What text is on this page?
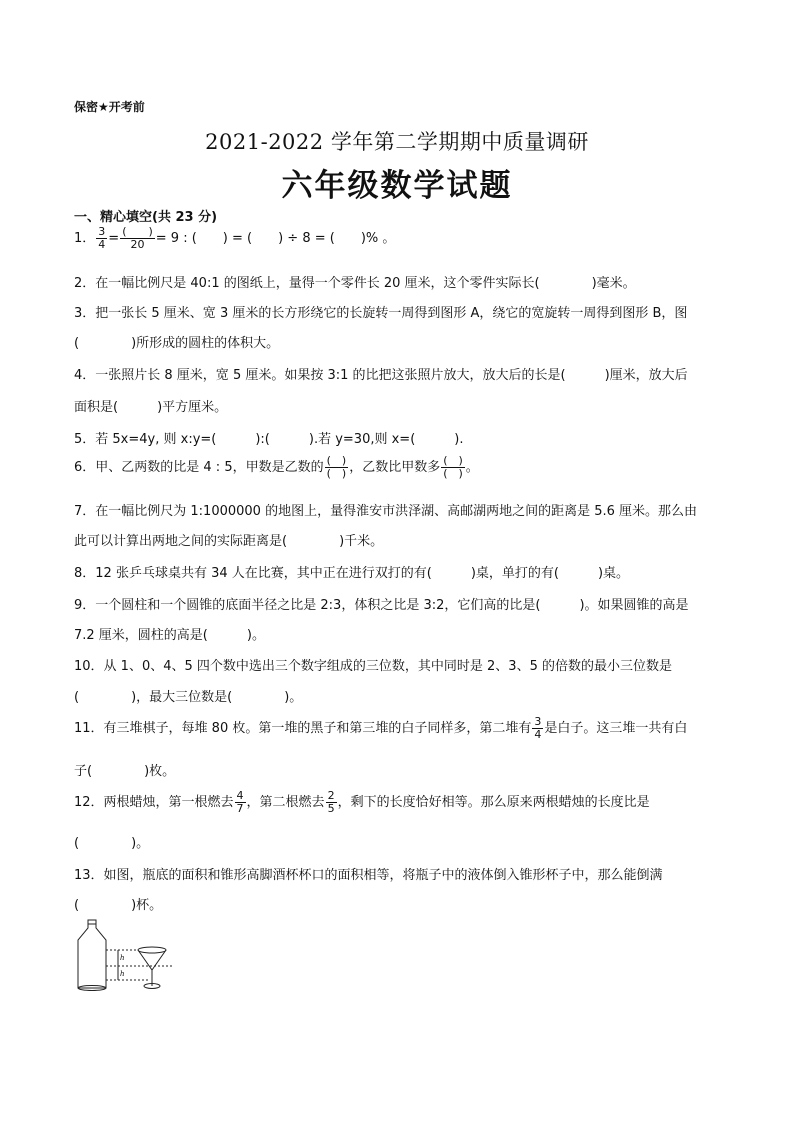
保密★开考前
2021-2022 学年第二学期期中质量调研
六年级数学试题
一、精心填空(共 23 分)
1． $\frac{3}{4} = \frac{( )}{20} = 9$ : (　　) = (　　) ÷ 8 = (　　)% 。
2．在一幅比例尺是 40:1 的图纸上，量得一个零件长 20 厘米，这个零件实际长(　　　　)毫米。
3．把一张长 5 厘米、宽 3 厘米的长方形绕它的长旋转一周得到图形 A，绕它的宽旋转一周得到图形 B，图
(　　　　)所形成的圆柱的体积大。
4．一张照片长 8 厘米，宽 5 厘米。如果按 3:1 的比把这张照片放大，放大后的长是(　　　)厘米，放大后
面积是(　　　)平方厘米。
5．若 5x=4y, 则 x:y=(　　　):(　　　).若 y=30,则 x=(　　　).
6．甲、乙两数的比是 4 : 5，甲数是乙数的 $\frac{( )}{( )}$ ，乙数比甲数多 $\frac{( )}{( )}$ 。
7．在一幅比例尺为 1:1000000 的地图上，量得淮安市洪泽湖、高邮湖两地之间的距离是 5.6 厘米。那么由
此可以计算出两地之间的实际距离是(　　　　)千米。
8．12 张乒乓球桌共有 34 人在比赛，其中正在进行双打的有(　　　)桌，单打的有(　　　)桌。
9．一个圆柱和一个圆锥的底面半径之比是 2:3，体积之比是 3:2，它们高的比是(　　　)。如果圆锥的高是
7.2 厘米，圆柱的高是(　　　)。
10．从 1、0、4、5 四个数中选出三个数字组成的三位数，其中同时是 2、3、5 的倍数的最小三位数是
(　　　　)，最大三位数是(　　　　)。
11．有三堆棋子，每堆 80 枚。第一堆的黑子和第三堆的白子同样多，第二堆有 $\frac{3}{4}$ 是白子。这三堆一共有白
子(　　　　)枚。
12．两根蜡烛，第一根燃去 $\frac{4}{7}$ ，第二根燃去 $\frac{2}{5}$ ，剩下的长度恰好相等。那么原来两根蜡烛的长度比是
(　　　　)。
13．如图，瓶底的面积和锥形高脚酒杯杯口的面积相等，将瓶子中的液体倒入锥形杯子中，那么能倒满
(　　　　)杯。
h
h
